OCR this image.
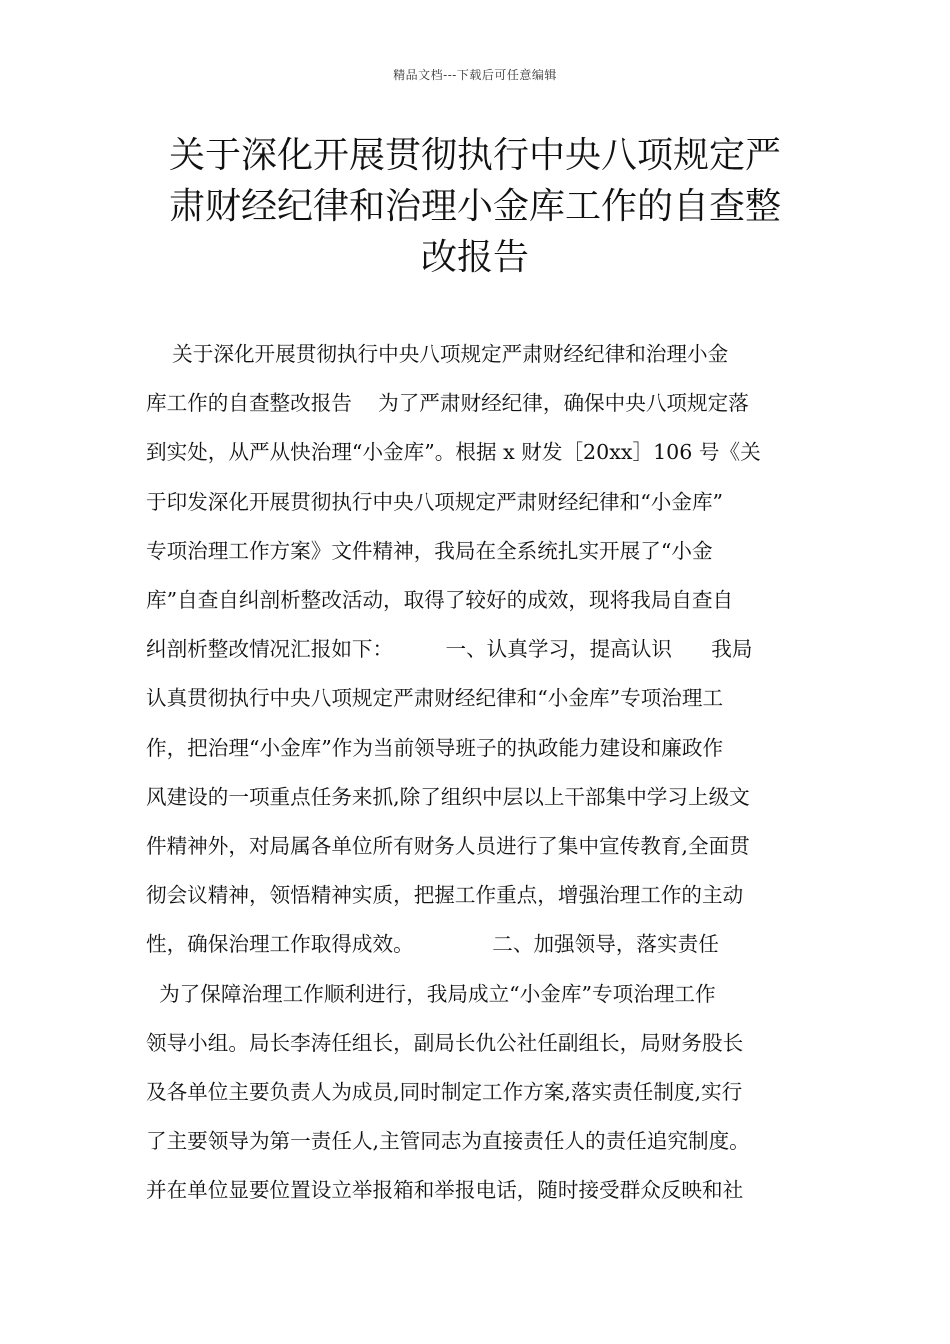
精品文档---下载后可任意编辑
关于深化开展贯彻执行中央八项规定严
肃财经纪律和治理小金库工作的自查整
改报告
关于深化开展贯彻执行中央八项规定严肃财经纪律和治理小金
库工作的自查整改报告    为了严肃财经纪律，确保中央八项规定落
到实处，从严从快治理“小金库”。根据 x 财发［20xx］106 号《关
于印发深化开展贯彻执行中央八项规定严肃财经纪律和“小金库”
专项治理工作方案》文件精神，我局在全系统扎实开展了“小金
库”自查自纠剖析整改活动，取得了较好的成效，现将我局自查自
纠剖析整改情况汇报如下：        一、认真学习，提高认识      我局
认真贯彻执行中央八项规定严肃财经纪律和“小金库”专项治理工
作，把治理“小金库”作为当前领导班子的执政能力建设和廉政作
风建设的一项重点任务来抓,除了组织中层以上干部集中学习上级文
件精神外，对局属各单位所有财务人员进行了集中宣传教育,全面贯
彻会议精神，领悟精神实质，把握工作重点，增强治理工作的主动
性，确保治理工作取得成效。            二、加强领导，落实责任
为了保障治理工作顺利进行，我局成立“小金库”专项治理工作
领导小组。局长李涛任组长，副局长仇公社任副组长，局财务股长
及各单位主要负责人为成员,同时制定工作方案,落实责任制度,实行
了主要领导为第一责任人,主管同志为直接责任人的责任追究制度。
并在单位显要位置设立举报箱和举报电话，随时接受群众反映和社
